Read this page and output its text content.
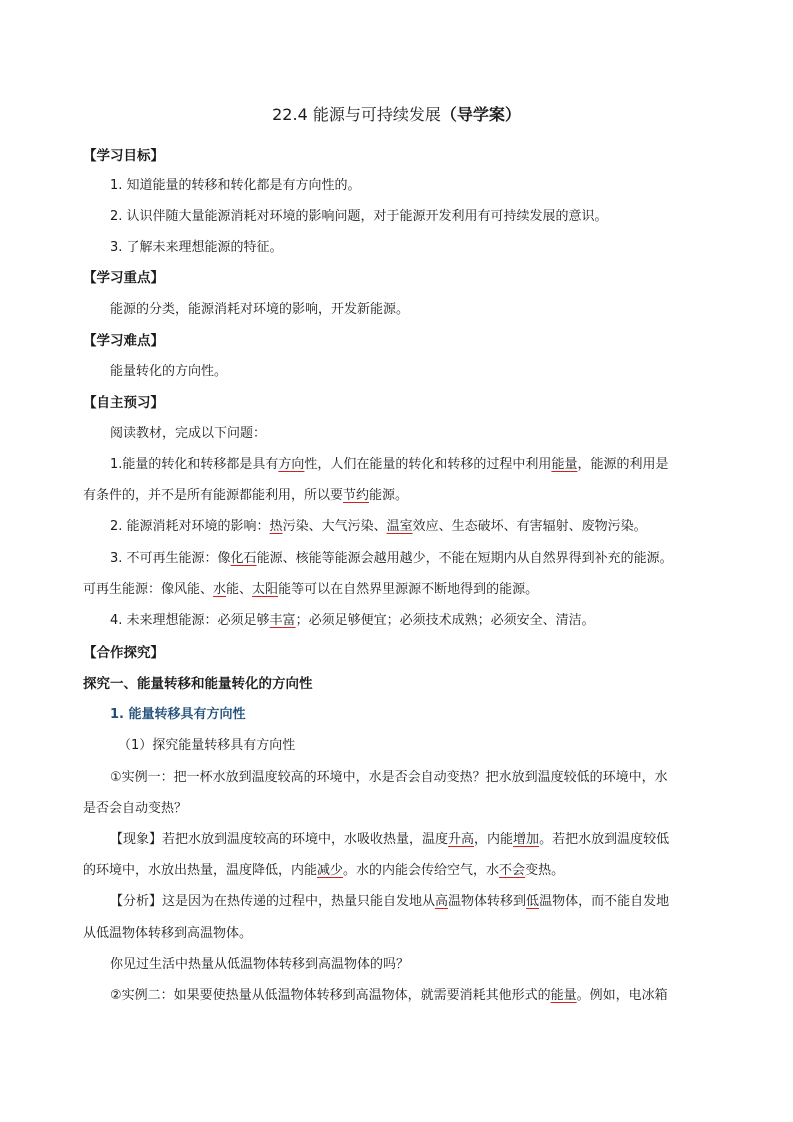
22.4 能源与可持续发展（导学案）
【学习目标】
1. 知道能量的转移和转化都是有方向性的。
2. 认识伴随大量能源消耗对环境的影响问题，对于能源开发利用有可持续发展的意识。
3. 了解未来理想能源的特征。
【学习重点】
能源的分类，能源消耗对环境的影响，开发新能源。
【学习难点】
能量转化的方向性。
【自主预习】
阅读教材，完成以下问题：
1.能量的转化和转移都是具有方向性，人们在能量的转化和转移的过程中利用能量，能源的利用是
有条件的，并不是所有能源都能利用，所以要节约能源。
2. 能源消耗对环境的影响：热污染、大气污染、温室效应、生态破坏、有害辐射、废物污染。
3. 不可再生能源：像化石能源、核能等能源会越用越少，不能在短期内从自然界得到补充的能源。
可再生能源：像风能、水能、太阳能等可以在自然界里源源不断地得到的能源。
4. 未来理想能源：必须足够丰富；必须足够便宜；必须技术成熟；必须安全、清洁。
【合作探究】
探究一、能量转移和能量转化的方向性
1. 能量转移具有方向性
（1）探究能量转移具有方向性
①实例一：把一杯水放到温度较高的环境中，水是否会自动变热？把水放到温度较低的环境中，水
是否会自动变热？
【现象】若把水放到温度较高的环境中，水吸收热量，温度升高，内能增加。若把水放到温度较低
的环境中，水放出热量，温度降低，内能减少。水的内能会传给空气，水不会变热。
【分析】这是因为在热传递的过程中，热量只能自发地从高温物体转移到低温物体，而不能自发地
从低温物体转移到高温物体。
你见过生活中热量从低温物体转移到高温物体的吗？
②实例二：如果要使热量从低温物体转移到高温物体，就需要消耗其他形式的能量。例如，电冰箱
